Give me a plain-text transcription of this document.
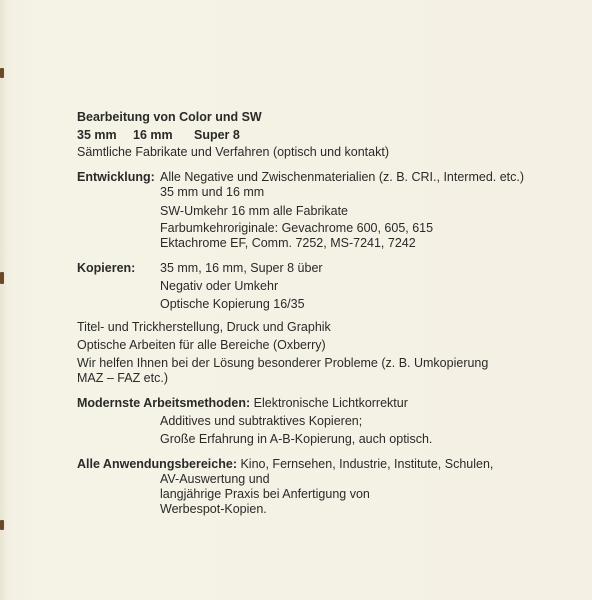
Bearbeitung von Color und SW
35 mm 16 mm Super 8
Sämtliche Fabrikate und Verfahren (optisch und kontakt)
Entwicklung: Alle Negative und Zwischenmaterialien (z. B. CRI., Intermed. etc.)
35 mm und 16 mm
SW-Umkehr 16 mm alle Fabrikate
Farbumkehroriginale: Gevachrome 600, 605, 615
Ektachrome EF, Comm. 7252, MS-7241, 7242
Kopieren: 35 mm, 16 mm, Super 8 über
Negativ oder Umkehr
Optische Kopierung 16/35
Titel- und Trickherstellung, Druck und Graphik
Optische Arbeiten für alle Bereiche (Oxberry)
Wir helfen Ihnen bei der Lösung besonderer Probleme (z. B. Umkopierung
MAZ – FAZ etc.)
Modernste Arbeitsmethoden: Elektronische Lichtkorrektur
Additives und subtraktives Kopieren;
Große Erfahrung in A-B-Kopierung, auch optisch.
Alle Anwendungsbereiche: Kino, Fernsehen, Industrie, Institute, Schulen,
AV-Auswertung und
langjährige Praxis bei Anfertigung von
Werbespot-Kopien.
